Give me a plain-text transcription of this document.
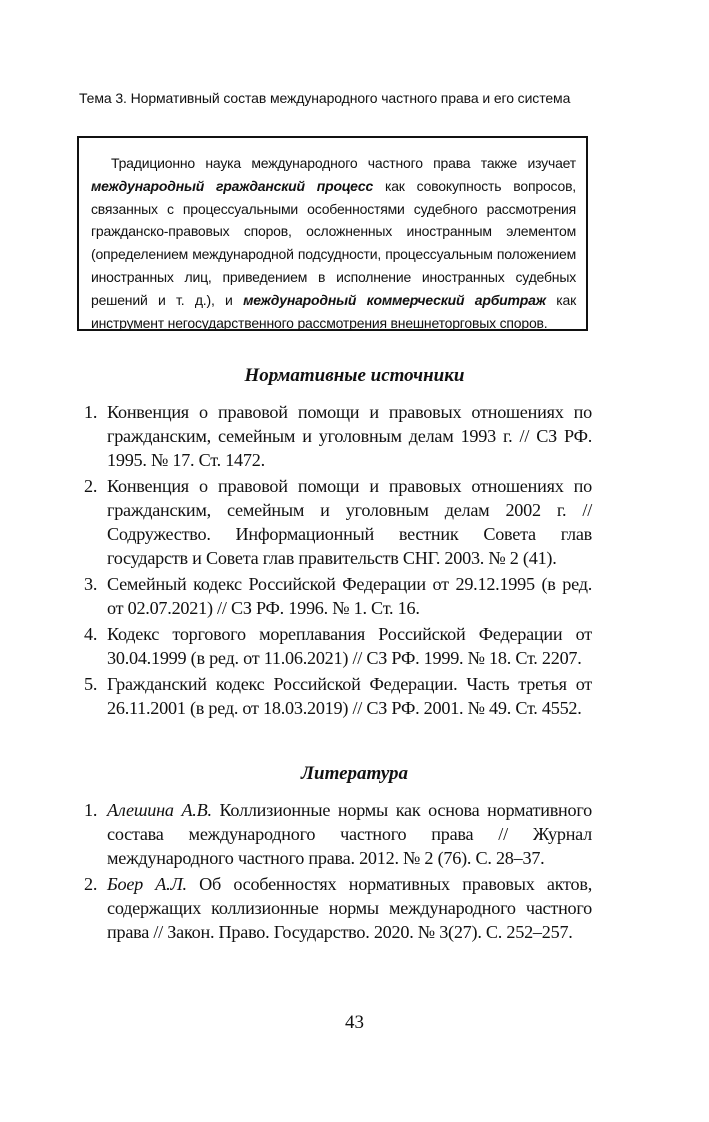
Тема 3. Нормативный состав международного частного права и его система

Традиционно наука международного частного права также изучает международный гражданский процесс как совокупность вопросов, связанных с процессуальными особенностями судебного рассмотрения гражданско-правовых споров, осложненных иностранным элементом (определением международной подсудности, процессуальным положением иностранных лиц, приведением в исполнение иностранных судебных решений и т. д.), и международный коммерческий арбитраж как инструмент негосударственного рассмотрения внешнеторговых споров.

Нормативные источники
1. Конвенция о правовой помощи и правовых отношениях по гражданским, семейным и уголовным делам 1993 г. // СЗ РФ. 1995. № 17. Ст. 1472.
2. Конвенция о правовой помощи и правовых отношениях по гражданским, семейным и уголовным делам 2002 г. // Содружество. Информационный вестник Совета глав государств и Совета глав правительств СНГ. 2003. № 2 (41).
3. Семейный кодекс Российской Федерации от 29.12.1995 (в ред. от 02.07.2021) // СЗ РФ. 1996. № 1. Ст. 16.
4. Кодекс торгового мореплавания Российской Федерации от 30.04.1999 (в ред. от 11.06.2021) // СЗ РФ. 1999. № 18. Ст. 2207.
5. Гражданский кодекс Российской Федерации. Часть третья от 26.11.2001 (в ред. от 18.03.2019) // СЗ РФ. 2001. № 49. Ст. 4552.
Литература
1. Алешина А.В. Коллизионные нормы как основа нормативного состава международного частного права // Журнал международного частного права. 2012. № 2 (76). С. 28–37.
2. Боер А.Л. Об особенностях нормативных правовых актов, содержащих коллизионные нормы международного частного права // Закон. Право. Государство. 2020. № 3(27). С. 252–257.
43
